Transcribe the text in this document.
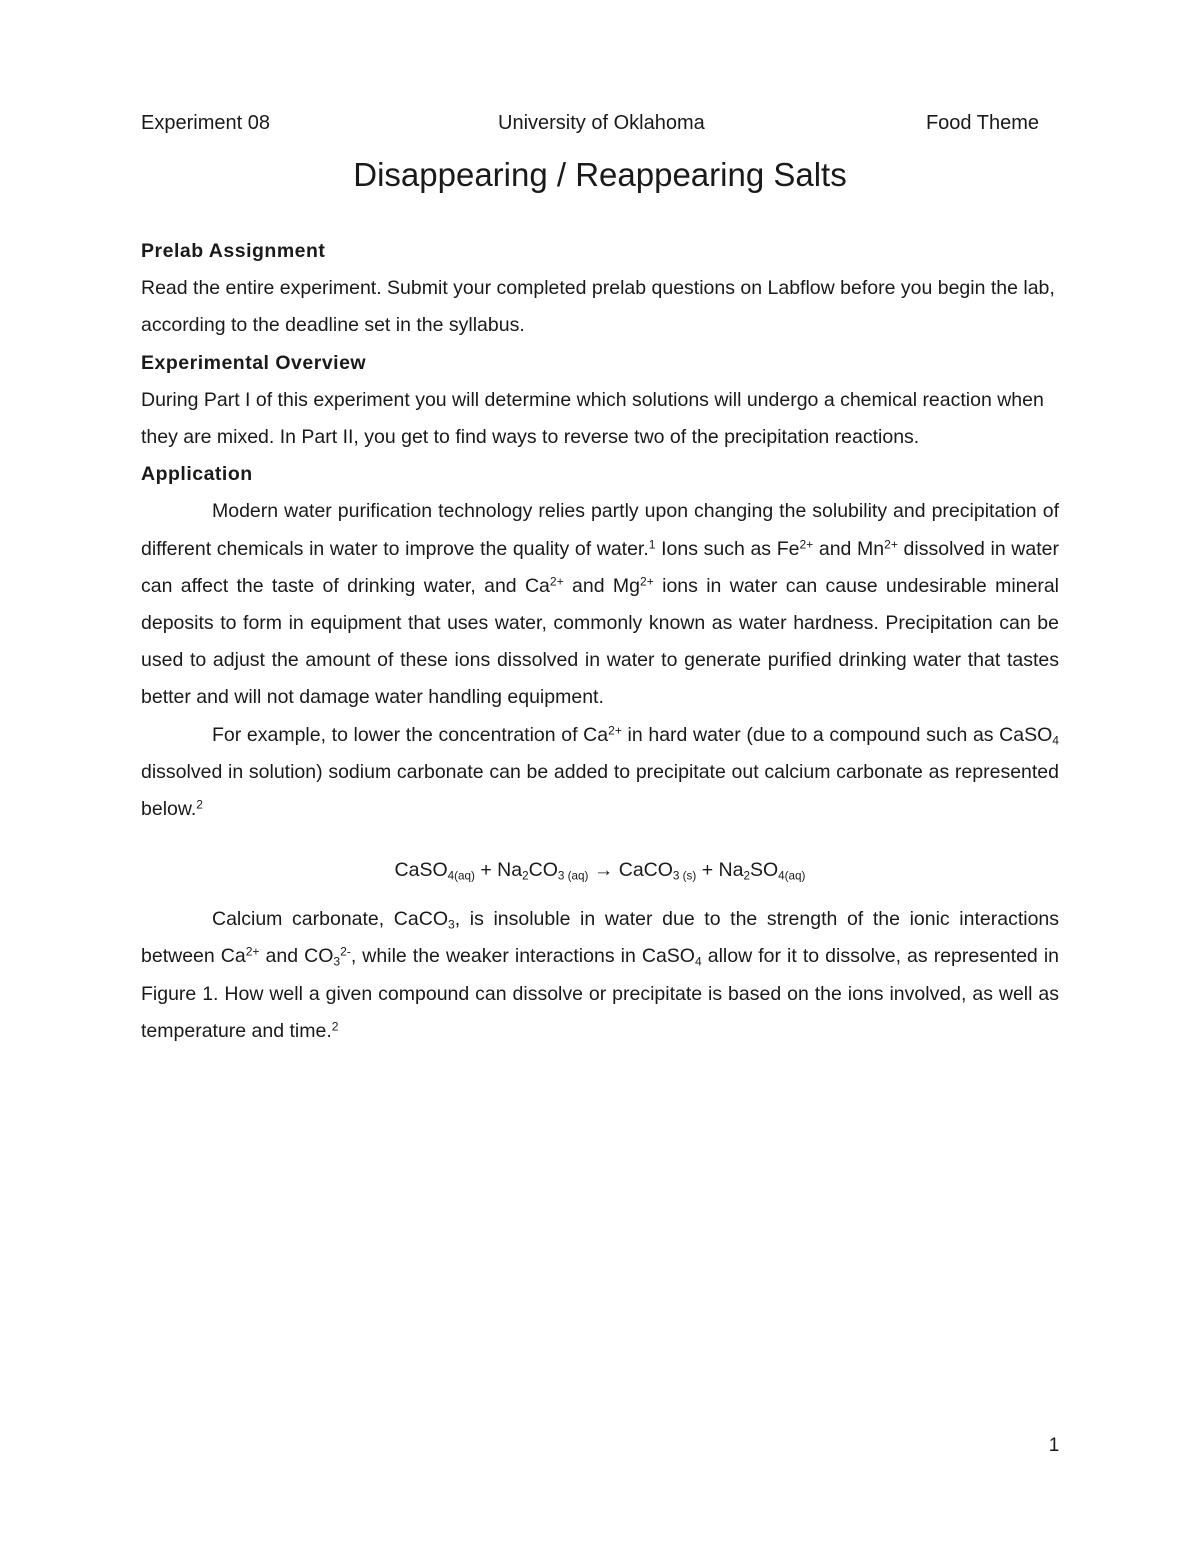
Experiment 08	University of Oklahoma	Food Theme
Disappearing / Reappearing Salts

Prelab Assignment

Read the entire experiment. Submit your completed prelab questions on Labflow before you begin the lab, according to the deadline set in the syllabus.

Experimental Overview

During Part I of this experiment you will determine which solutions will undergo a chemical reaction when they are mixed. In Part II, you get to find ways to reverse two of the precipitation reactions.

Application

Modern water purification technology relies partly upon changing the solubility and precipitation of different chemicals in water to improve the quality of water.$^1$ Ions such as $Fe^{2+}$ and $Mn^{2+}$ dissolved in water can affect the taste of drinking water, and $Ca^{2+}$ and $Mg^{2+}$ ions in water can cause undesirable mineral deposits to form in equipment that uses water, commonly known as water hardness. Precipitation can be used to adjust the amount of these ions dissolved in water to generate purified drinking water that tastes better and will not damage water handling equipment.

For example, to lower the concentration of $Ca^{2+}$ in hard water (due to a compound such as CaSO$_4$ dissolved in solution) sodium carbonate can be added to precipitate out calcium carbonate as represented below.$^2$

CaSO$_{4(aq)}$ + $Na_2CO_{3 (aq)}$ → CaCO$_{3 (s)}$ + $Na_2SO_{4(aq)}$

Calcium carbonate, CaCO$_3$, is insoluble in water due to the strength of the ionic interactions between $Ca^{2+}$ and $CO_3^{2-}$, while the weaker interactions in CaSO$_4$ allow for it to dissolve, as represented in Figure 1. How well a given compound can dissolve or precipitate is based on the ions involved, as well as temperature and time.$^2$

1
